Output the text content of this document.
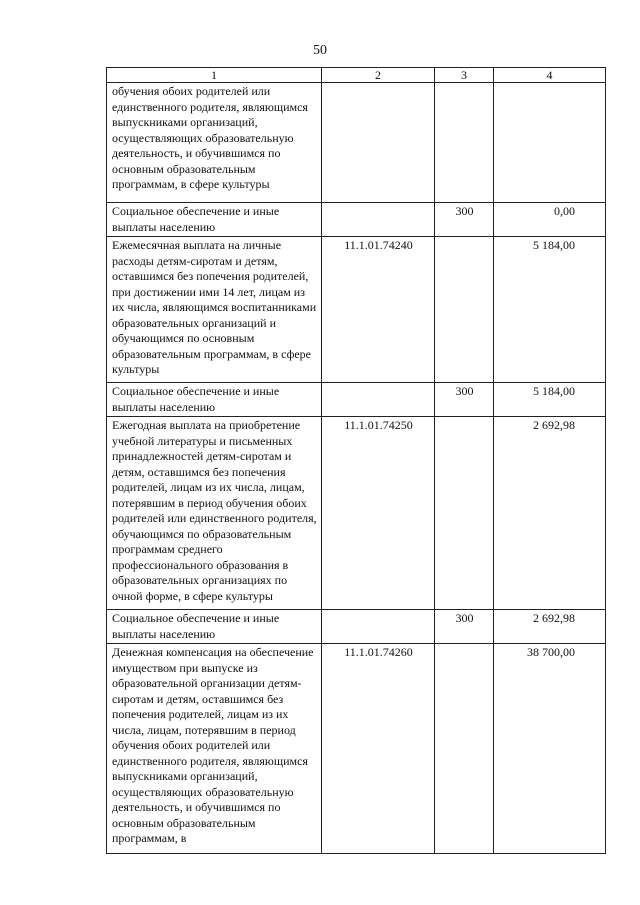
50
1	2	3	4
обучения обоих родителей или единственного родителя, являющимся выпускниками организаций, осуществляющих образовательную деятельность, и обучившимся по основным образовательным программам, в сфере культуры			
Социальное обеспечение и иные выплаты населению		300	0,00
Ежемесячная выплата на личные расходы детям-сиротам и детям, оставшимся без попечения родителей, при достижении ими 14 лет, лицам из их числа, являющимся воспитанниками образовательных организаций и обучающимся по основным образовательным программам, в сфере культуры	11.1.01.74240		5 184,00
Социальное обеспечение и иные выплаты населению		300	5 184,00
Ежегодная выплата на приобретение учебной литературы и письменных принадлежностей детям-сиротам и детям, оставшимся без попечения родителей, лицам из их числа, лицам, потерявшим в период обучения обоих родителей или единственного родителя, обучающимся по образовательным программам среднего профессионального образования в образовательных организациях по очной форме, в сфере культуры	11.1.01.74250		2 692,98
Социальное обеспечение и иные выплаты населению		300	2 692,98
Денежная компенсация на обеспечение имуществом при выпуске из образовательной организации детям-сиротам и детям, оставшимся без попечения родителей, лицам из их числа, лицам, потерявшим в период обучения обоих родителей или единственного родителя, являющимся выпускниками организаций, осуществляющих образовательную деятельность, и обучившимся по основным образовательным программам, в	11.1.01.74260		38 700,00
